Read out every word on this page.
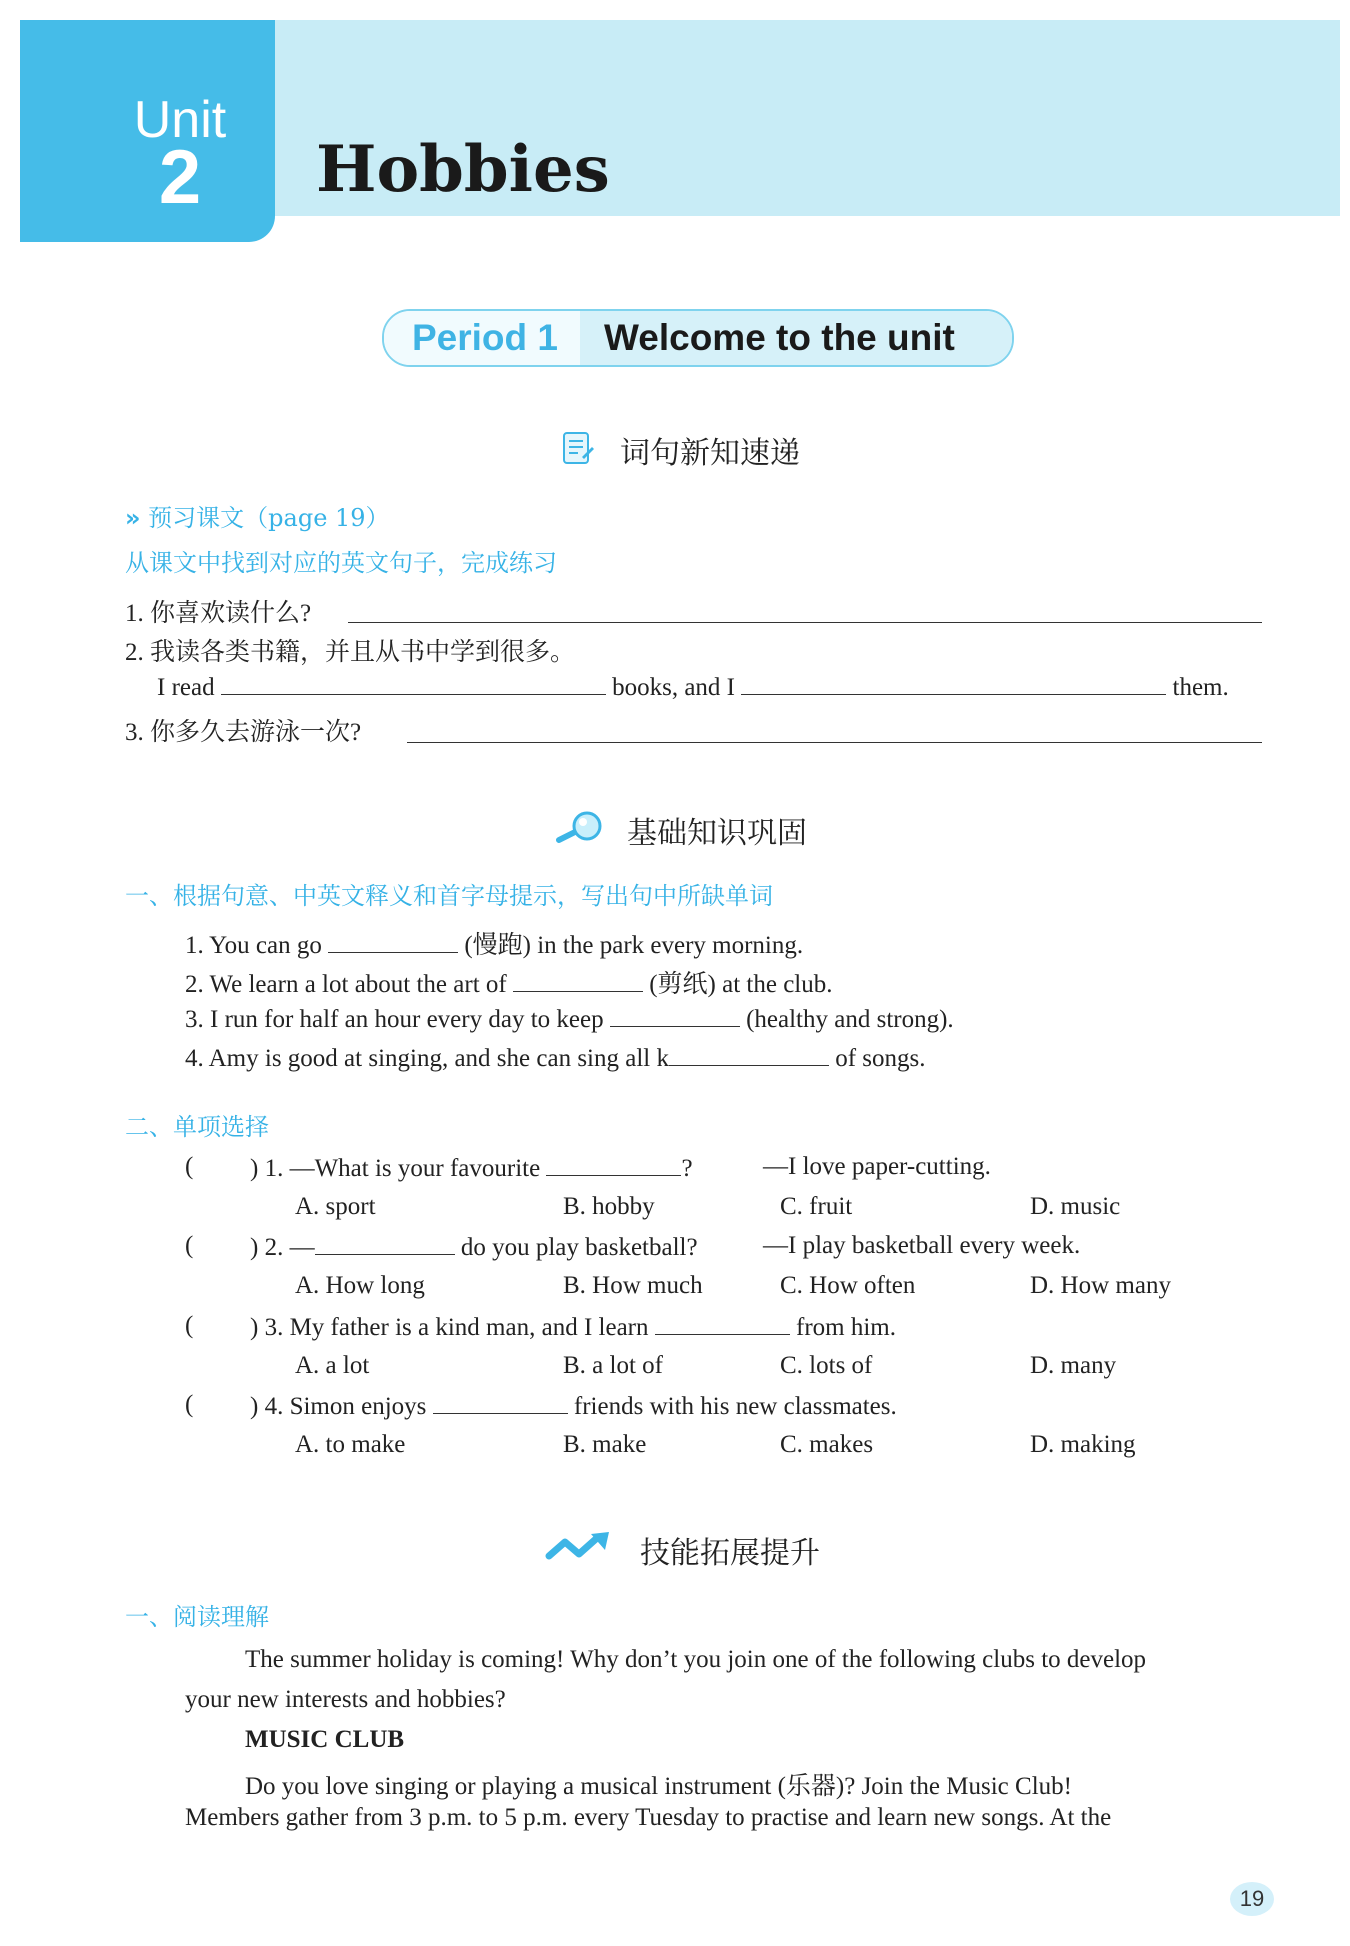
Unit
2	Hobbies
Period 1 Welcome to the unit
词句新知速递
» 预习课文（page 19）
从课文中找到对应的英文句子，完成练习
1. 你喜欢读什么?
2. 我读各类书籍，并且从书中学到很多。
I read	books, and I	them.
3. 你多久去游泳一次?
基础知识巩固
一、根据句意、中英文释义和首字母提示，写出句中所缺单词
1. You can go	(慢跑) in the park every morning.
2. We learn a lot about the art of	(剪纸) at the club.
3. I run for half an hour every day to keep	(healthy and strong).
4. Amy is good at singing, and she can sing all k	of songs.
二、单项选择
( ) 1. —What is your favourite	?	—I love paper-cutting.
A. sport	B. hobby	C. fruit	D. music
( ) 2. —	do you play basketball?	—I play basketball every week.
A. How long	B. How much	C. How often	D. How many
( ) 3. My father is a kind man, and I learn	from him.
A. a lot	B. a lot of	C. lots of	D. many
( ) 4. Simon enjoys	friends with his new classmates.
A. to make	B. make	C. makes	D. making
技能拓展提升
一、阅读理解
The summer holiday is coming! Why don’t you join one of the following clubs to develop
your new interests and hobbies?
MUSIC CLUB
Do you love singing or playing a musical instrument (乐器)? Join the Music Club!
Members gather from 3 p.m. to 5 p.m. every Tuesday to practise and learn new songs. At the
19
